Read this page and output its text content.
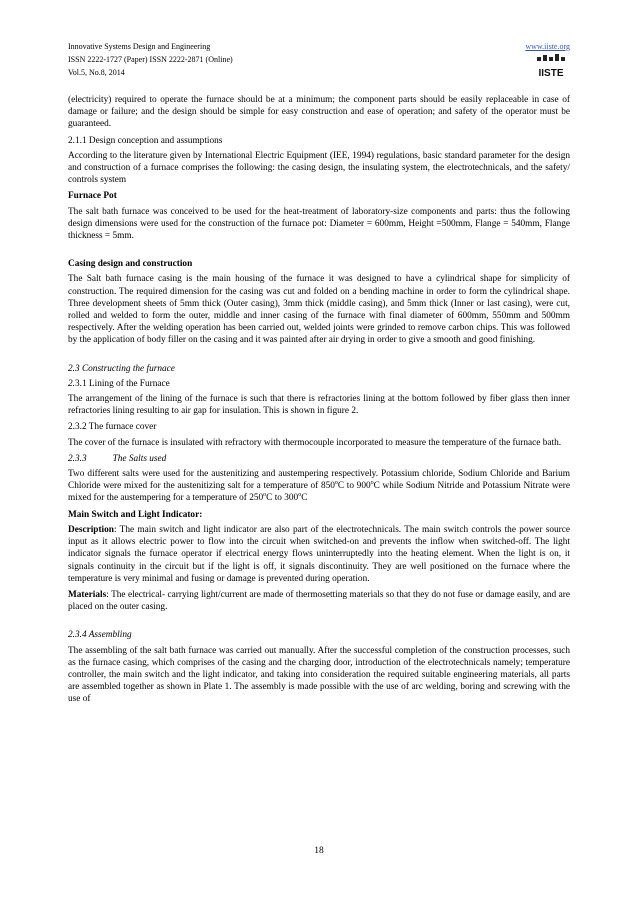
Innovative Systems Design and Engineering
ISSN 2222-1727 (Paper) ISSN 2222-2871 (Online)
Vol.5, No.8, 2014
www.iiste.org
IISTE

(electricity) required to operate the furnace should be at a minimum; the component parts should be easily replaceable in case of damage or failure; and the design should be simple for easy construction and ease of operation; and safety of the operator must be guaranteed.

2.1.1 Design conception and assumptions

According to the literature given by International Electric Equipment (IEE, 1994) regulations, basic standard parameter for the design and construction of a furnace comprises the following: the casing design, the insulating system, the electrotechnicals, and the safety/ controls system

Furnace Pot

The salt bath furnace was conceived to be used for the heat-treatment of laboratory-size components and parts: thus the following design dimensions were used for the construction of the furnace pot: Diameter = 600mm, Height =500mm, Flange = 540mm, Flange thickness = 5mm.

Casing design and construction

The Salt bath furnace casing is the main housing of the furnace it was designed to have a cylindrical shape for simplicity of construction. The required dimension for the casing was cut and folded on a bending machine in order to form the cylindrical shape. Three development sheets of 5mm thick (Outer casing), 3mm thick (middle casing), and 5mm thick (Inner or last casing), were cut, rolled and welded to form the outer, middle and inner casing of the furnace with final diameter of 600mm, 550mm and 500mm respectively. After the welding operation has been carried out, welded joints were grinded to remove carbon chips. This was followed by the application of body filler on the casing and it was painted after air drying in order to give a smooth and good finishing.

2.3 Constructing the furnace

2.3.1 Lining of the Furnace

The arrangement of the lining of the furnace is such that there is refractories lining at the bottom followed by fiber glass then inner refractories lining resulting to air gap for insulation. This is shown in figure 2.

2.3.2 The furnace cover

The cover of the furnace is insulated with refractory with thermocouple incorporated to measure the temperature of the furnace bath.

2.3.3	The Salts used

Two different salts were used for the austenitizing and austempering respectively. Potassium chloride, Sodium Chloride and Barium Chloride were mixed for the austenitizing salt for a temperature of 850$^o$C to 900$^o$C while Sodium Nitride and Potassium Nitrate were mixed for the austempering for a temperature of 250$^o$C to 300$^o$C

Main Switch and Light Indicator:

Description: The main switch and light indicator are also part of the electrotechnicals. The main switch controls the power source input as it allows electric power to flow into the circuit when switched-on and prevents the inflow when switched-off. The light indicator signals the furnace operator if electrical energy flows uninterruptedly into the heating element. When the light is on, it signals continuity in the circuit but if the light is off, it signals discontinuity. They are well positioned on the furnace where the temperature is very minimal and fusing or damage is prevented during operation.

Materials: The electrical- carrying light/current are made of thermosetting materials so that they do not fuse or damage easily, and are placed on the outer casing.

2.3.4 Assembling

The assembling of the salt bath furnace was carried out manually. After the successful completion of the construction processes, such as the furnace casing, which comprises of the casing and the charging door, introduction of the electrotechnicals namely; temperature controller, the main switch and the light indicator, and taking into consideration the required suitable engineering materials, all parts are assembled together as shown in Plate 1. The assembly is made possible with the use of arc welding, boring and screwing with the use of

18
